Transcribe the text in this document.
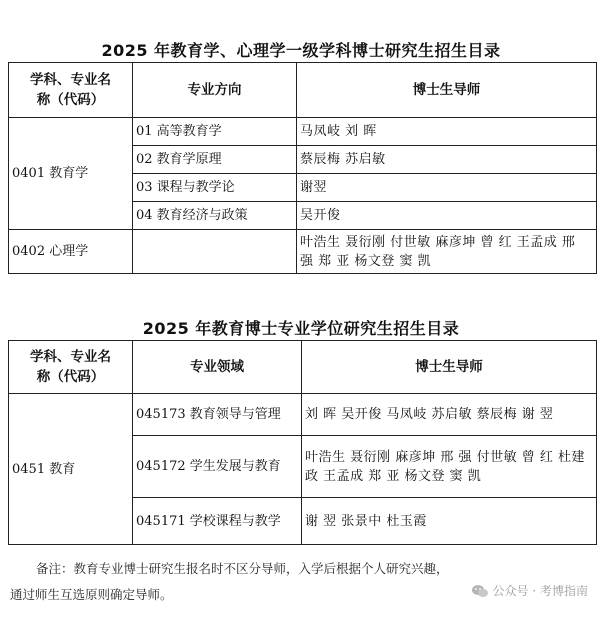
2025 年教育学、心理学一级学科博士研究生招生目录
学科、专业名称（代码）	专业方向	博士生导师
0401 教育学	01 高等教育学	马凤岐 刘 晖
	02 教育学原理	蔡辰梅 苏启敏
	03 课程与教学论	谢翌
	04 教育经济与政策	吴开俊
0402 心理学		叶浩生 聂衍刚 付世敏 麻彦坤 曾 红 王孟成 邢 强 郑 亚 杨文登 窦 凯
2025 年教育博士专业学位研究生招生目录
学科、专业名称（代码）	专业领域	博士生导师
0451 教育	045173 教育领导与管理	刘 晖 吴开俊 马凤岐 苏启敏 蔡辰梅 谢 翌
	045172 学生发展与教育	叶浩生 聂衍刚 麻彦坤 邢 强 付世敏 曾 红 杜建政 王孟成 郑 亚 杨文登 窦 凯
	045171 学校课程与教学	谢 翌 张景中 杜玉霞
备注：教育专业博士研究生报名时不区分导师，入学后根据个人研究兴趣，
通过师生互选原则确定导师。	公众号 · 考博指南
